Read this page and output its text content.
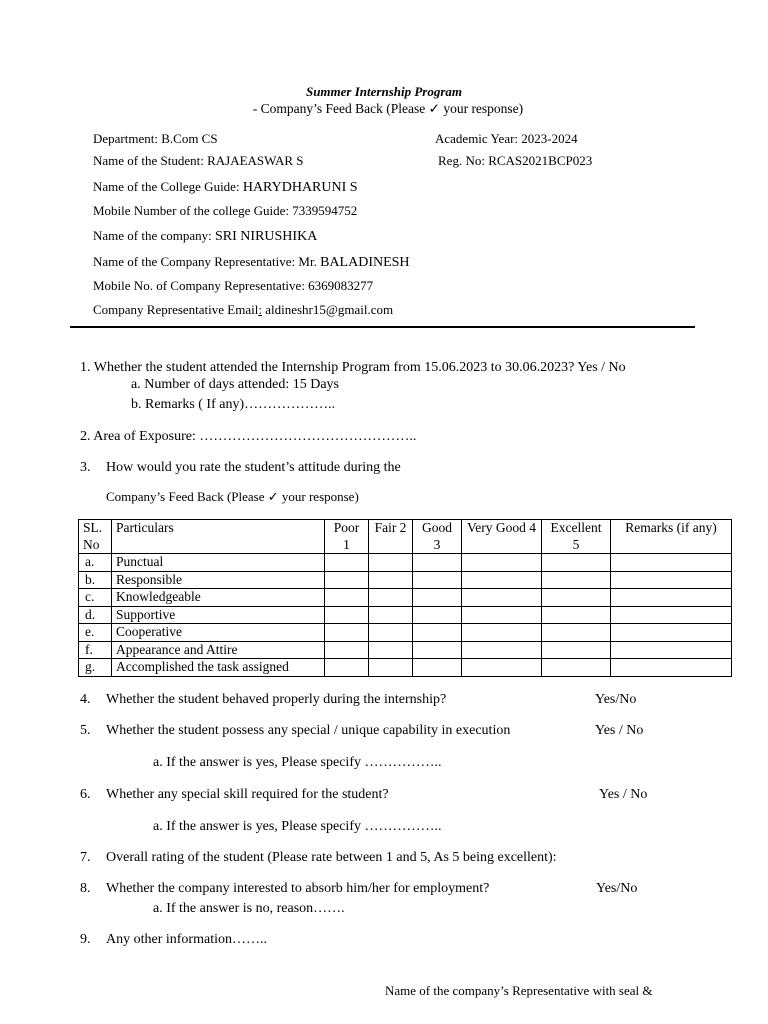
Summer Internship Program
- Company’s Feed Back (Please ✓ your response)
Department: B.Com CS	Academic Year: 2023-2024
Name of the Student: RAJAEASWAR S	Reg. No: RCAS2021BCP023
Name of the College Guide: HARYDHARUNI S
Mobile Number of the college Guide: 7339594752
Name of the company: SRI NIRUSHIKA
Name of the Company Representative: Mr. BALADINESH
Mobile No. of Company Representative: 6369083277
Company Representative Email: aldineshr15@gmail.com
1. Whether the student attended the Internship Program from 15.06.2023 to 30.06.2023? Yes / No
a. Number of days attended: 15 Days
b. Remarks ( If any)………………..
2. Area of Exposure: ………………………………………..
3. How would you rate the student’s attitude during the
Company’s Feed Back (Please ✓ your response)
SL. No	Particulars	Poor 1	Fair 2	Good 3	Very Good 4	Excellent 5	Remarks (if any)
a.	Punctual						
b.	Responsible						
c.	Knowledgeable						
d.	Supportive						
e.	Cooperative						
f.	Appearance and Attire						
g.	Accomplished the task assigned						
4. Whether the student behaved properly during the internship?	Yes/No
5. Whether the student possess any special / unique capability in execution	Yes / No
a. If the answer is yes, Please specify ……………..
6. Whether any special skill required for the student?	Yes / No
a. If the answer is yes, Please specify ……………..
7. Overall rating of the student (Please rate between 1 and 5, As 5 being excellent):
8. Whether the company interested to absorb him/her for employment?	Yes/No
a. If the answer is no, reason…….
9. Any other information……..
Name of the company’s Representative with seal &
